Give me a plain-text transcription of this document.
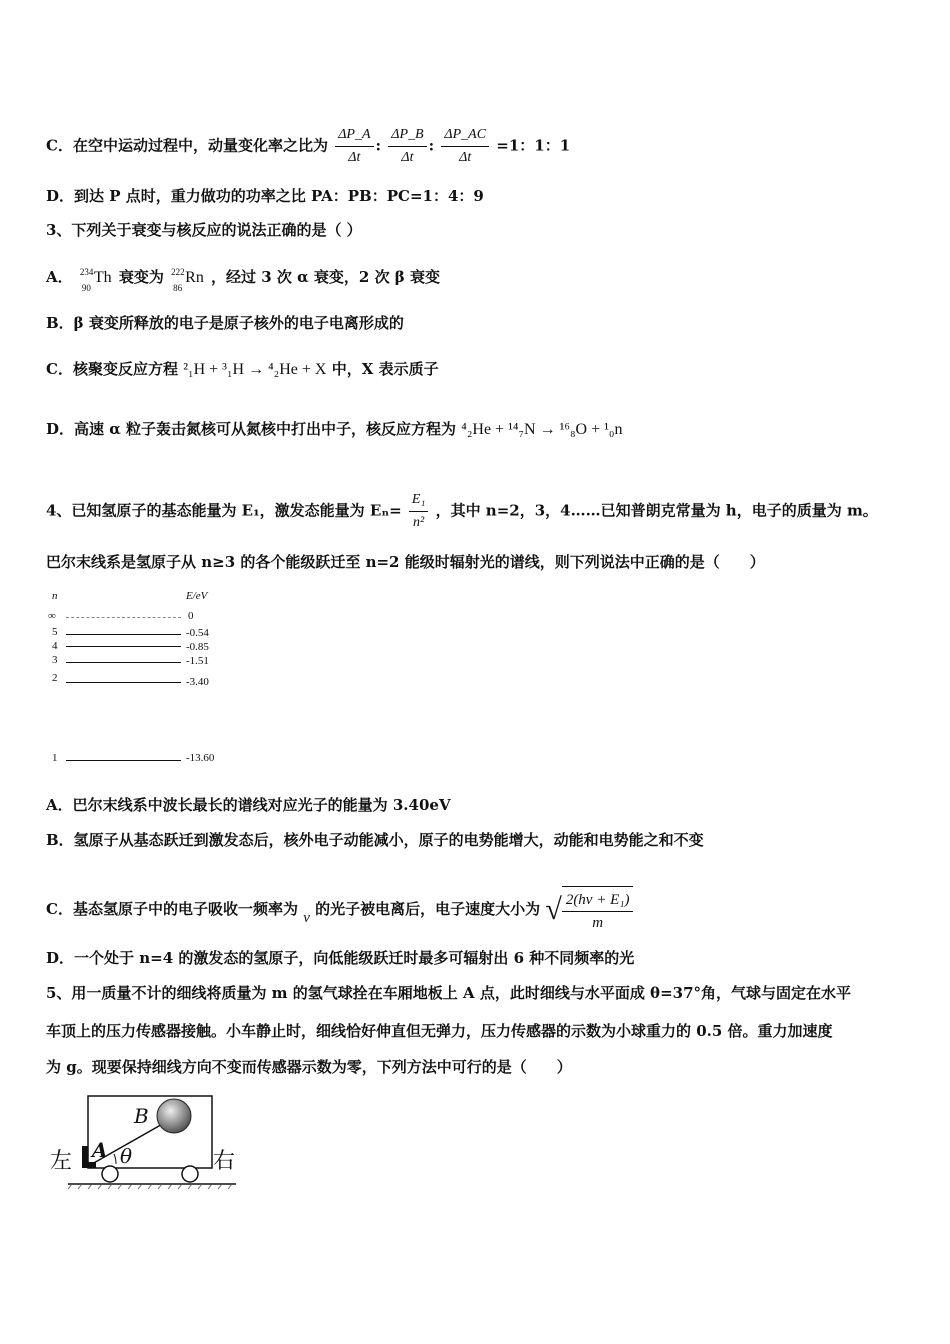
C．在空中运动过程中，动量变化率之比为 $\frac{\Delta P\_A}{\Delta t}$ : $\frac{\Delta P\_B}{\Delta t}$ : $\frac{\Delta P\_AC}{\Delta t} =1$：1：1
D．到达 P 点时，重力做功的功率之比 PA：PB：PC=1：4：9
3、下列关于衰变与核反应的说法正确的是（ ）
A． 234
90
Th 衰变为 222
86
Rn ，经过 3 次 α 衰变，2 次 β 衰变
B．β 衰变所释放的电子是原子核外的电子电离形成的
C．核聚变反应方程 ²₁H + ³₁H → ⁴₂He + X 中，X 表示质子
D．高速 α 粒子轰击氮核可从氮核中打出中子，核反应方程为 ⁴₂He + ¹⁴₇N → ¹⁶₈O + ¹₀n
4、已知氢原子的基态能量为 E₁，激发态能量为 $E_n= \frac{\text{E₁}}{\text{n²}}$ ，其中 n=2，3，4……已知普朗克常量为 h，电子的质量为 m。
巴尔末线系是氢原子从 n≥3 的各个能级跃迁至 n=2 能级时辐射光的谱线，则下列说法中正确的是（　　）
n	E/eV
∞	0
5	-0.54
4	-0.85
3	-1.51
2	-3.40
1	-13.60
A．巴尔末线系中波长最长的谱线对应光子的能量为 3.40eV
B．氢原子从基态跃迁到激发态后，核外电子动能减小，原子的电势能增大，动能和电势能之和不变
C．基态氢原子中的电子吸收一频率为 ν 的光子被电离后，电子速度大小为 √ $\frac{\text{2(hν + E₁)}}{m}$
D．一个处于 n=4 的激发态的氢原子，向低能级跃迁时最多可辐射出 6 种不同频率的光
5、用一质量不计的细线将质量为 m 的氢气球拴在车厢地板上 A 点，此时细线与水平面成 θ=37°角，气球与固定在水平
车顶上的压力传感器接触。小车静止时，细线恰好伸直但无弹力，压力传感器的示数为小球重力的 0.5 倍。重力加速度
为 g。现要保持细线方向不变而传感器示数为零，下列方法中可行的是（　　）
左	右
A
B
θ
